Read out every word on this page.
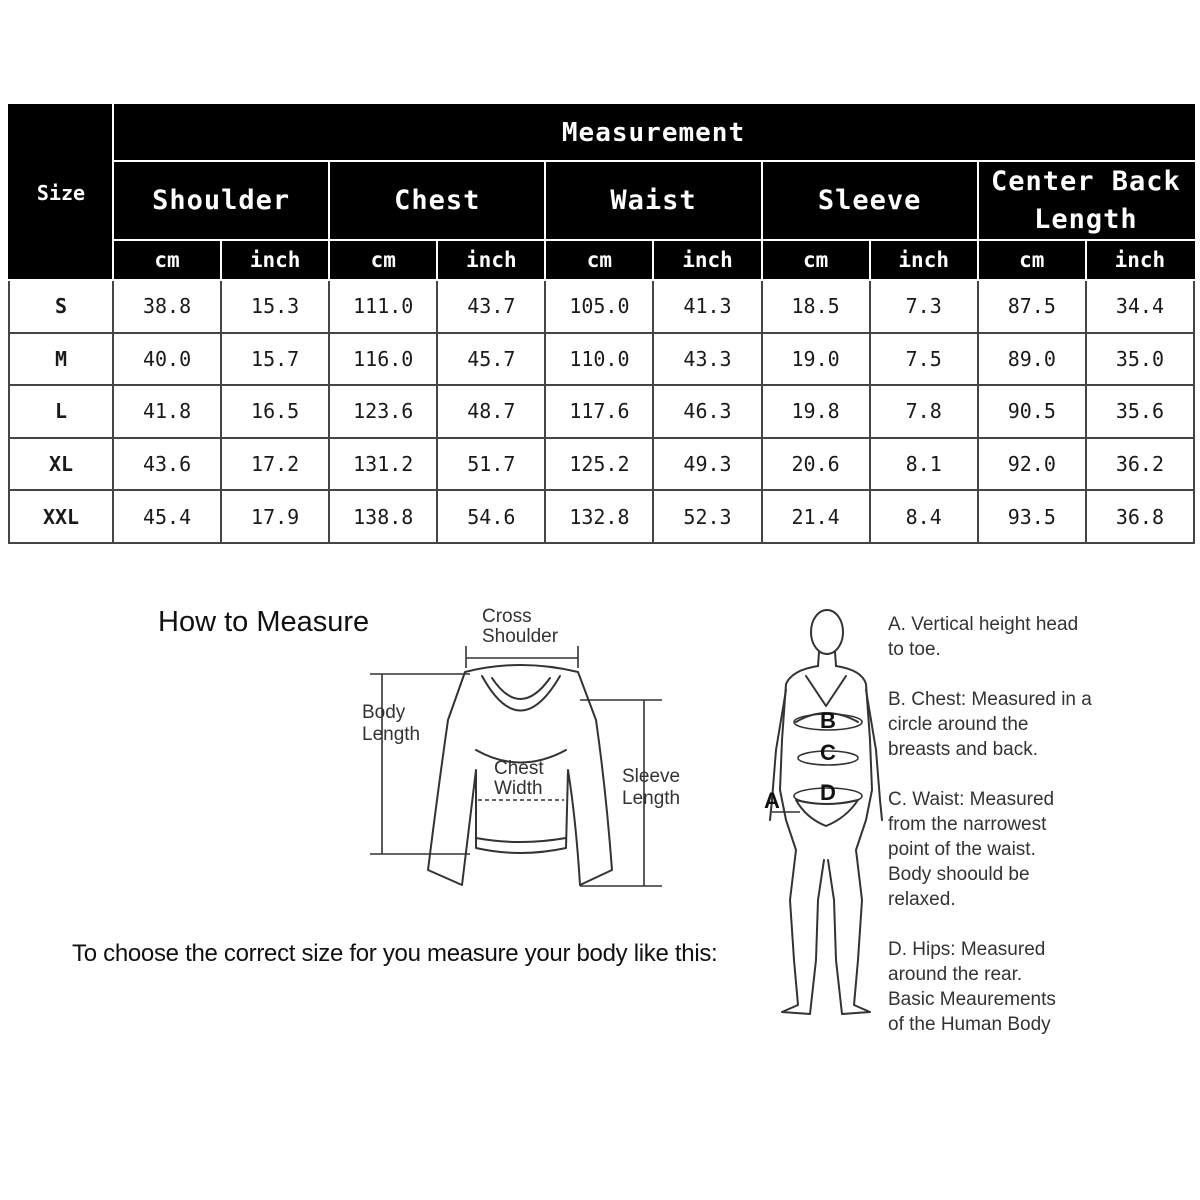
Size	Measurement									
	Shoulder		Chest		Waist		Sleeve		Center Back Length	
	cm	inch	cm	inch	cm	inch	cm	inch	cm	inch
S	38.8	15.3	111.0	43.7	105.0	41.3	18.5	7.3	87.5	34.4
M	40.0	15.7	116.0	45.7	110.0	43.3	19.0	7.5	89.0	35.0
L	41.8	16.5	123.6	48.7	117.6	46.3	19.8	7.8	90.5	35.6
XL	43.6	17.2	131.2	51.7	125.2	49.3	20.6	8.1	92.0	36.2
XXL	45.4	17.9	138.8	54.6	132.8	52.3	21.4	8.4	93.5	36.8
How to Measure	Cross
Shoulder
Body
Length
Chest
Width
Sleeve
Length	A
B
C
D
To choose the correct size for you measure your body like this:
A. Vertical height head
to toe.
B. Chest: Measured in a
circle around the
breasts and back.
C. Waist: Measured
from the narrowest
point of the waist.
Body shoould be
relaxed.
D. Hips: Measured
around the rear.
Basic Meaurements
of the Human Body
